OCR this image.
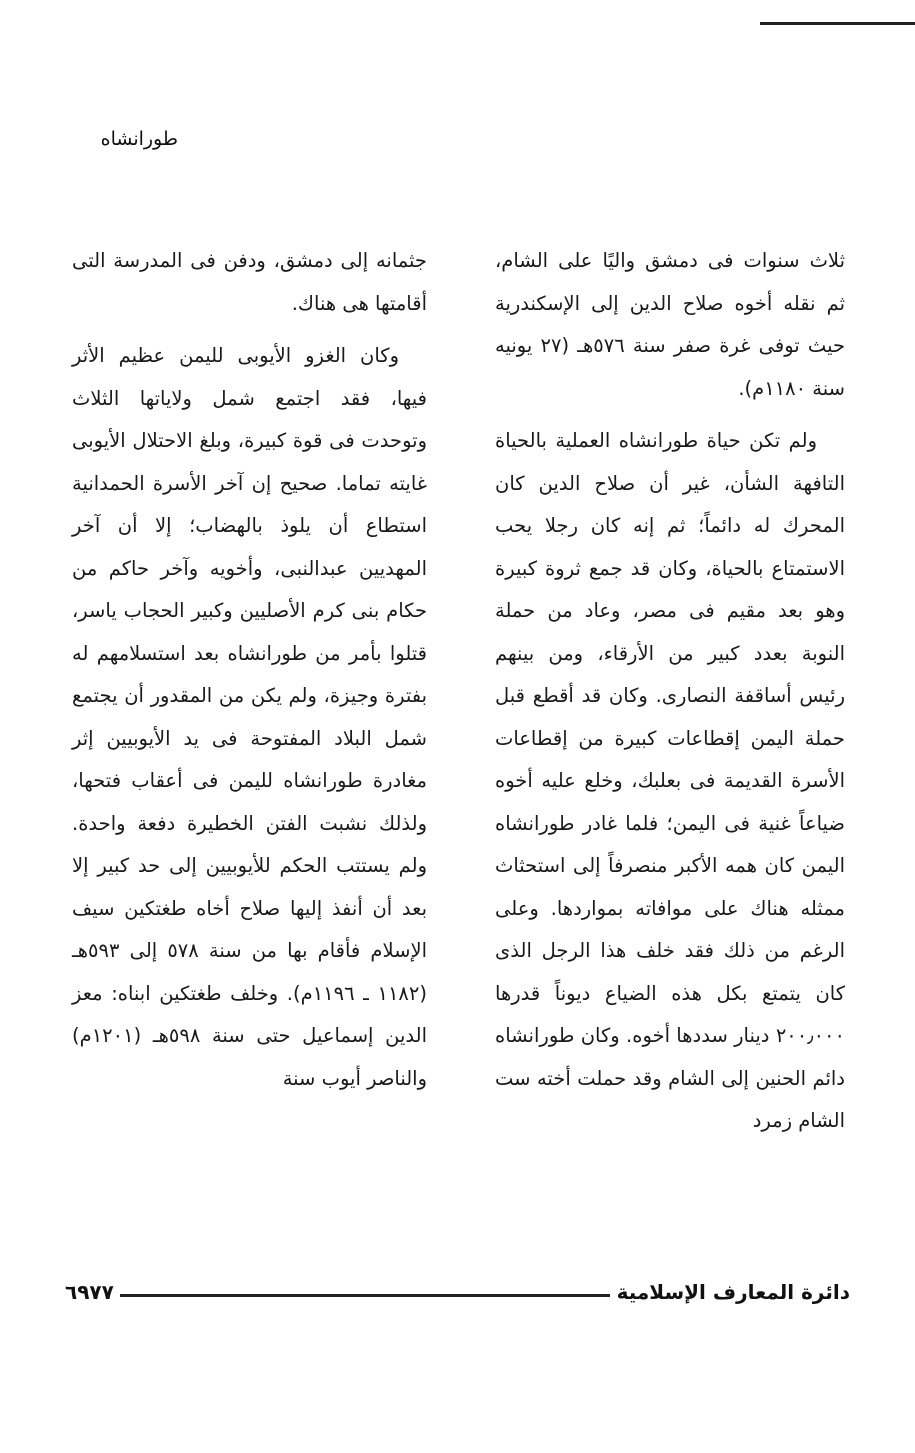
طورانشاه

ثلاث سنوات فى دمشق واليًا على الشام، ثم نقله أخوه صلاح الدين إلى الإسكندرية حيث توفى غرة صفر سنة ٥٧٦هـ (٢٧ يونيه سنة ١١٨٠م).

ولم تكن حياة طورانشاه العملية بالحياة التافهة الشأن، غير أن صلاح الدين كان المحرك له دائماً؛ ثم إنه كان رجلا يحب الاستمتاع بالحياة، وكان قد جمع ثروة كبيرة وهو بعد مقيم فى مصر، وعاد من حملة النوبة بعدد كبير من الأرقاء، ومن بينهم رئيس أساقفة النصارى. وكان قد أقطع قبل حملة اليمن إقطاعات كبيرة من إقطاعات الأسرة القديمة فى بعلبك، وخلع عليه أخوه ضياعاً غنية فى اليمن؛ فلما غادر طورانشاه اليمن كان همه الأكبر منصرفاً إلى استحثاث ممثله هناك على موافاته بمواردها. وعلى الرغم من ذلك فقد خلف هذا الرجل الذى كان يتمتع بكل هذه الضياع ديوناً قدرها ٢٠٠٫٠٠٠ دينار سددها أخوه. وكان طورانشاه دائم الحنين إلى الشام وقد حملت أخته ست الشام زمرد

جثمانه إلى دمشق، ودفن فى المدرسة التى أقامتها هى هناك.

وكان الغزو الأيوبى لليمن عظيم الأثر فيها، فقد اجتمع شمل ولاياتها الثلاث وتوحدت فى قوة كبيرة، وبلغ الاحتلال الأيوبى غايته تماما. صحيح إن آخر الأسرة الحمدانية استطاع أن يلوذ بالهضاب؛ إلا أن آخر المهديين عبدالنبى، وأخويه وآخر حاكم من حكام بنى كرم الأصليين وكبير الحجاب ياسر، قتلوا بأمر من طورانشاه بعد استسلامهم له بفترة وجيزة، ولم يكن من المقدور أن يجتمع شمل البلاد المفتوحة فى يد الأيوبيين إثر مغادرة طورانشاه لليمن فى أعقاب فتحها، ولذلك نشبت الفتن الخطيرة دفعة واحدة. ولم يستتب الحكم للأيوبيين إلى حد كبير إلا بعد أن أنفذ إليها صلاح أخاه طغتكين سيف الإسلام فأقام بها من سنة ٥٧٨ إلى ٥٩٣هـ (١١٨٢ ـ ١١٩٦م). وخلف طغتكين ابناه: معز الدين إسماعيل حتى سنة ٥٩٨هـ (١٢٠١م) والناصر أيوب سنة

دائرة المعارف الإسلامية
٦٩٧٧
